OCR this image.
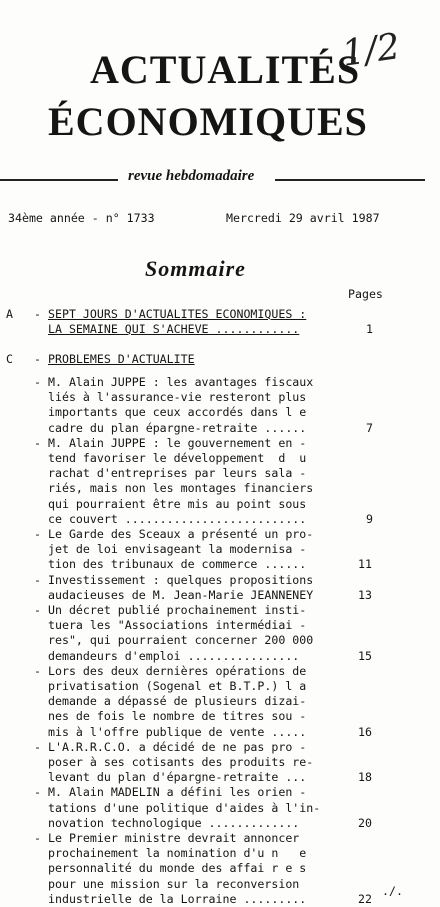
ACTUALITÉS
ÉCONOMIQUES
1/2
revue hebdomadaire
34ème année - n° 1733	Mercredi 29 avril 1987
Sommaire
Pages
A - SEPT JOURS D'ACTUALITES ECONOMIQUES :
LA SEMAINE QUI S'ACHEVE ............	1
C - PROBLEMES D'ACTUALITE
- M. Alain JUPPE : les avantages fiscaux
liés à l'assurance-vie resteront plus
importants que ceux accordés dans l e
cadre du plan épargne-retraite ......	7
- M. Alain JUPPE : le gouvernement en -
tend favoriser le développement  d  u
rachat d'entreprises par leurs sala -
riés, mais non les montages financiers
qui pourraient être mis au point sous
ce couvert ..........................	9
- Le Garde des Sceaux a présenté un pro-
jet de loi envisageant la modernisa -
tion des tribunaux de commerce ......	11
- Investissement : quelques propositions
audacieuses de M. Jean-Marie JEANNENEY	13
- Un décret publié prochainement insti-
tuera les "Associations intermédiai -
res", qui pourraient concerner 200 000
demandeurs d'emploi ................	15
- Lors des deux dernières opérations de
privatisation (Sogenal et B.T.P.) l a
demande a dépassé de plusieurs dizai-
nes de fois le nombre de titres sou -
mis à l'offre publique de vente .....	16
- L'A.R.R.C.O. a décidé de ne pas pro -
poser à ses cotisants des produits re-
levant du plan d'épargne-retraite ...	18
- M. Alain MADELIN a défini les orien -
tations d'une politique d'aides à l'in-
novation technologique .............	20
- Le Premier ministre devrait annoncer
prochainement la nomination d'u n   e
personnalité du monde des affai r e s
pour une mission sur la reconversion
industrielle de la Lorraine .........	22
./.
